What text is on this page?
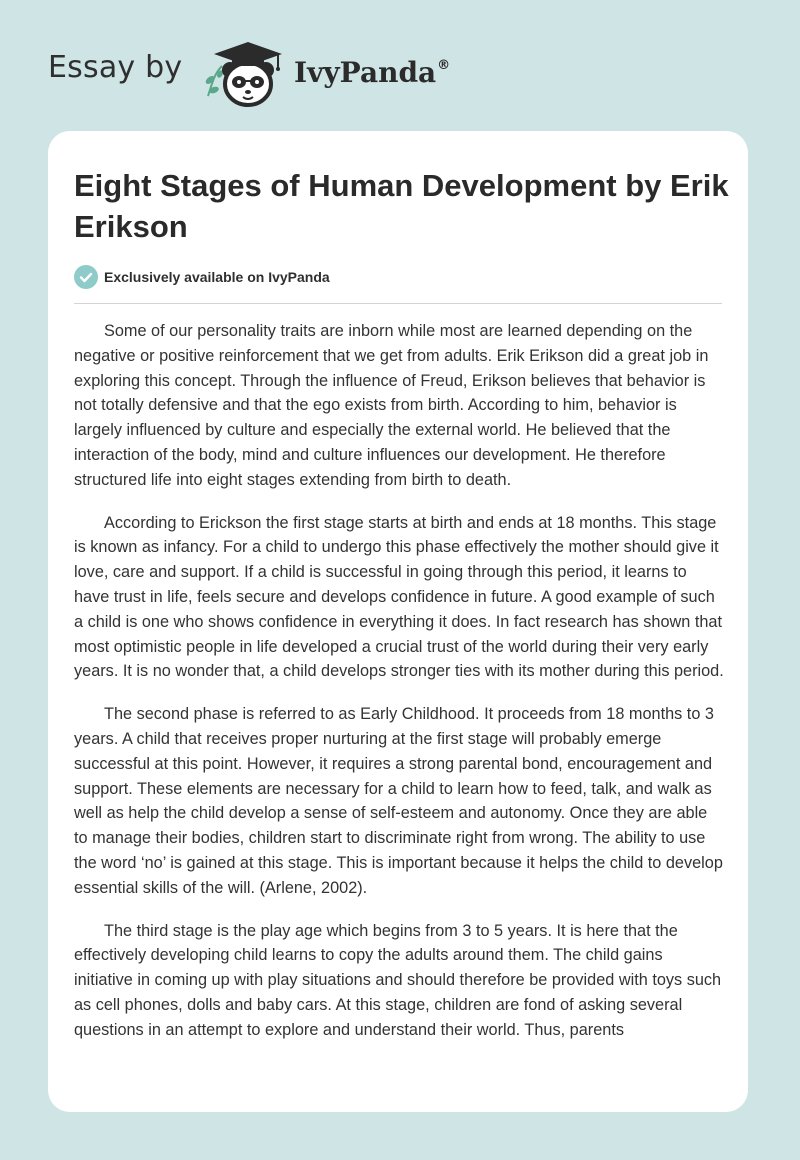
Essay by	IvyPanda®
Eight Stages of Human Development by Erik Erikson
Exclusively available on IvyPanda

Some of our personality traits are inborn while most are learned depending on the negative or positive reinforcement that we get from adults. Erik Erikson did a great job in exploring this concept. Through the influence of Freud, Erikson believes that behavior is not totally defensive and that the ego exists from birth. According to him, behavior is largely influenced by culture and especially the external world. He believed that the interaction of the body, mind and culture influences our development. He therefore structured life into eight stages extending from birth to death.

According to Erickson the first stage starts at birth and ends at 18 months. This stage is known as infancy. For a child to undergo this phase effectively the mother should give it love, care and support. If a child is successful in going through this period, it learns to have trust in life, feels secure and develops confidence in future. A good example of such a child is one who shows confidence in everything it does. In fact research has shown that most optimistic people in life developed a crucial trust of the world during their very early years. It is no wonder that, a child develops stronger ties with its mother during this period.

The second phase is referred to as Early Childhood. It proceeds from 18 months to 3 years. A child that receives proper nurturing at the first stage will probably emerge successful at this point. However, it requires a strong parental bond, encouragement and support. These elements are necessary for a child to learn how to feed, talk, and walk as well as help the child develop a sense of self-esteem and autonomy. Once they are able to manage their bodies, children start to discriminate right from wrong. The ability to use the word ‘no’ is gained at this stage. This is important because it helps the child to develop essential skills of the will. (Arlene, 2002).

The third stage is the play age which begins from 3 to 5 years. It is here that the effectively developing child learns to copy the adults around them. The child gains initiative in coming up with play situations and should therefore be provided with toys such as cell phones, dolls and baby cars. At this stage, children are fond of asking several questions in an attempt to explore and understand their world. Thus, parents
